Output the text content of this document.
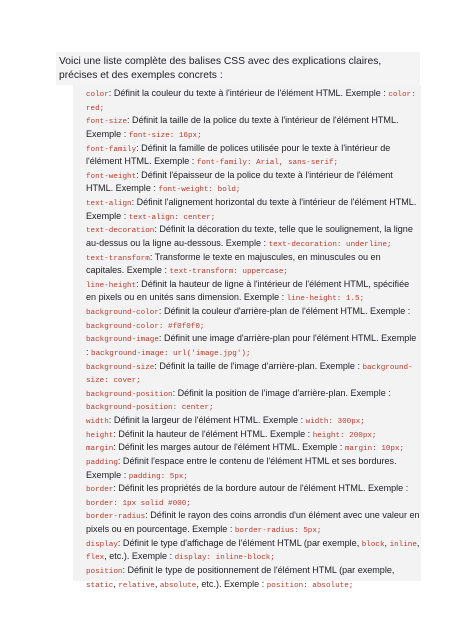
Voici une liste complète des balises CSS avec des explications claires, précises et des exemples concrets :
color: Définit la couleur du texte à l'intérieur de l'élément HTML. Exemple : color: red;
font-size: Définit la taille de la police du texte à l'intérieur de l'élément HTML. Exemple : font-size: 16px;
font-family: Définit la famille de polices utilisée pour le texte à l'intérieur de l'élément HTML. Exemple : font-family: Arial, sans-serif;
font-weight: Définit l'épaisseur de la police du texte à l'intérieur de l'élément HTML. Exemple : font-weight: bold;
text-align: Définit l'alignement horizontal du texte à l'intérieur de l'élément HTML. Exemple : text-align: center;
text-decoration: Définit la décoration du texte, telle que le soulignement, la ligne au-dessus ou la ligne au-dessous. Exemple : text-decoration: underline;
text-transform: Transforme le texte en majuscules, en minuscules ou en capitales. Exemple : text-transform: uppercase;
line-height: Définit la hauteur de ligne à l'intérieur de l'élément HTML, spécifiée en pixels ou en unités sans dimension. Exemple : line-height: 1.5;
background-color: Définit la couleur d'arrière-plan de l'élément HTML. Exemple : background-color: #f0f0f0;
background-image: Définit une image d'arrière-plan pour l'élément HTML. Exemple : background-image: url('image.jpg');
background-size: Définit la taille de l'image d'arrière-plan. Exemple : background-size: cover;
background-position: Définit la position de l'image d'arrière-plan. Exemple : background-position: center;
width: Définit la largeur de l'élément HTML. Exemple : width: 300px;
height: Définit la hauteur de l'élément HTML. Exemple : height: 200px;
margin: Définit les marges autour de l'élément HTML. Exemple : margin: 10px;
padding: Définit l'espace entre le contenu de l'élément HTML et ses bordures. Exemple : padding: 5px;
border: Définit les propriétés de la bordure autour de l'élément HTML. Exemple : border: 1px solid #000;
border-radius: Définit le rayon des coins arrondis d'un élément avec une valeur en pixels ou en pourcentage. Exemple : border-radius: 5px;
display: Définit le type d'affichage de l'élément HTML (par exemple, block, inline, flex, etc.). Exemple : display: inline-block;
position: Définit le type de positionnement de l'élément HTML (par exemple, static, relative, absolute, etc.). Exemple : position: absolute;
